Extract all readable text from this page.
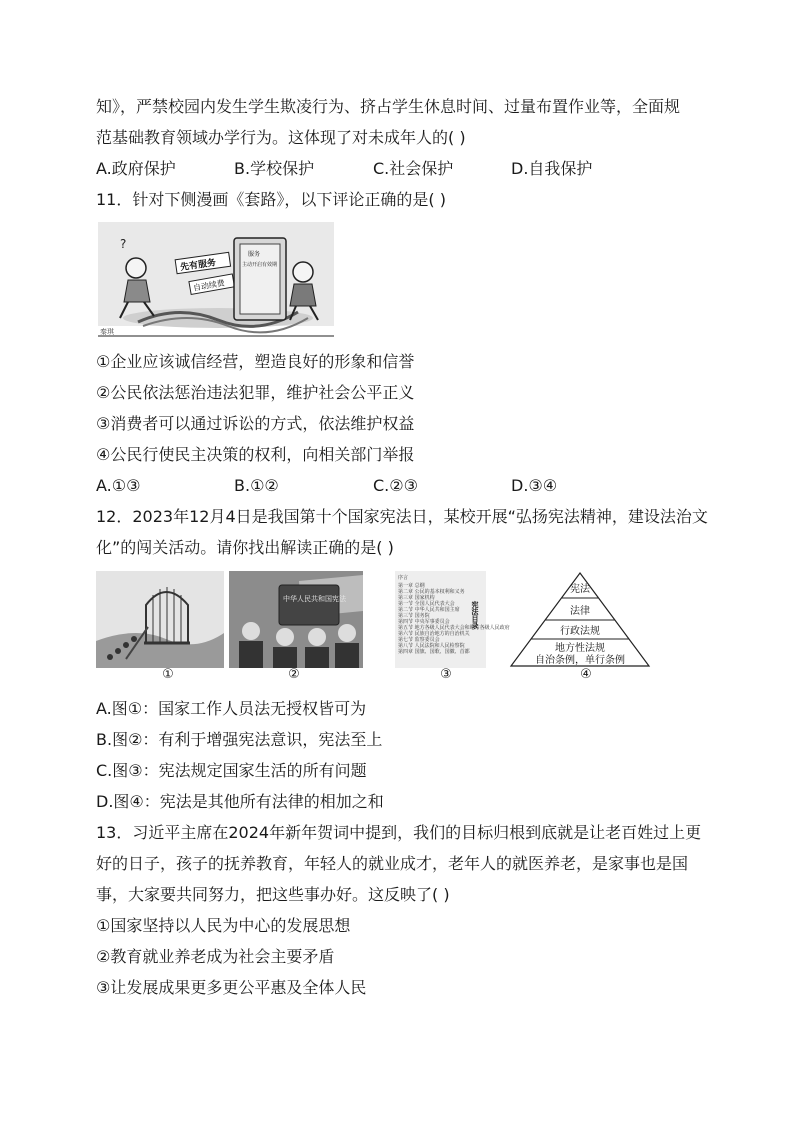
知》，严禁校园内发生学生欺凌行为、挤占学生休息时间、过量布置作业等，全面规
范基础教育领域办学行为。这体现了对未成年人的( )
A.政府保护	B.学校保护	C.社会保护	D.自我保护
11．针对下侧漫画《套路》，以下评论正确的是( )
?
先有服务
自动续费
服务
主动开启有效期
秦琪
①企业应该诚信经营，塑造良好的形象和信誉
②公民依法惩治违法犯罪，维护社会公平正义
③消费者可以通过诉讼的方式，依法维护权益
④公民行使民主决策的权利，向相关部门举报
A.①③	B.①②	C.②③	D.③④
12．2023年12月4日是我国第十个国家宪法日，某校开展“弘扬宪法精神，建设法治文
化”的闯关活动。请你找出解读正确的是( )
中华人民共和国宪法
序言
第一章 总纲
第二章 公民的基本权利和义务
第三章 国家机构
第一节 全国人民代表大会
第二节 中华人民共和国主席
第三节 国务院
第四节 中央军事委员会
第五节 地方各级人民代表大会和地方各级人民政府
第六节 民族自治地方的自治机关
第七节 监察委员会
第八节 人民法院和人民检察院
第四章 国旗、国歌、国徽、首都
宪法目录
宪法
法律
行政法规
地方性法规
自治条例，单行条例
①	②	③	④
A.图①：国家工作人员法无授权皆可为
B.图②：有利于增强宪法意识，宪法至上
C.图③：宪法规定国家生活的所有问题
D.图④：宪法是其他所有法律的相加之和
13．习近平主席在2024年新年贺词中提到，我们的目标归根到底就是让老百姓过上更
好的日子，孩子的抚养教育，年轻人的就业成才，老年人的就医养老，是家事也是国
事，大家要共同努力，把这些事办好。这反映了( )
①国家坚持以人民为中心的发展思想
②教育就业养老成为社会主要矛盾
③让发展成果更多更公平惠及全体人民
